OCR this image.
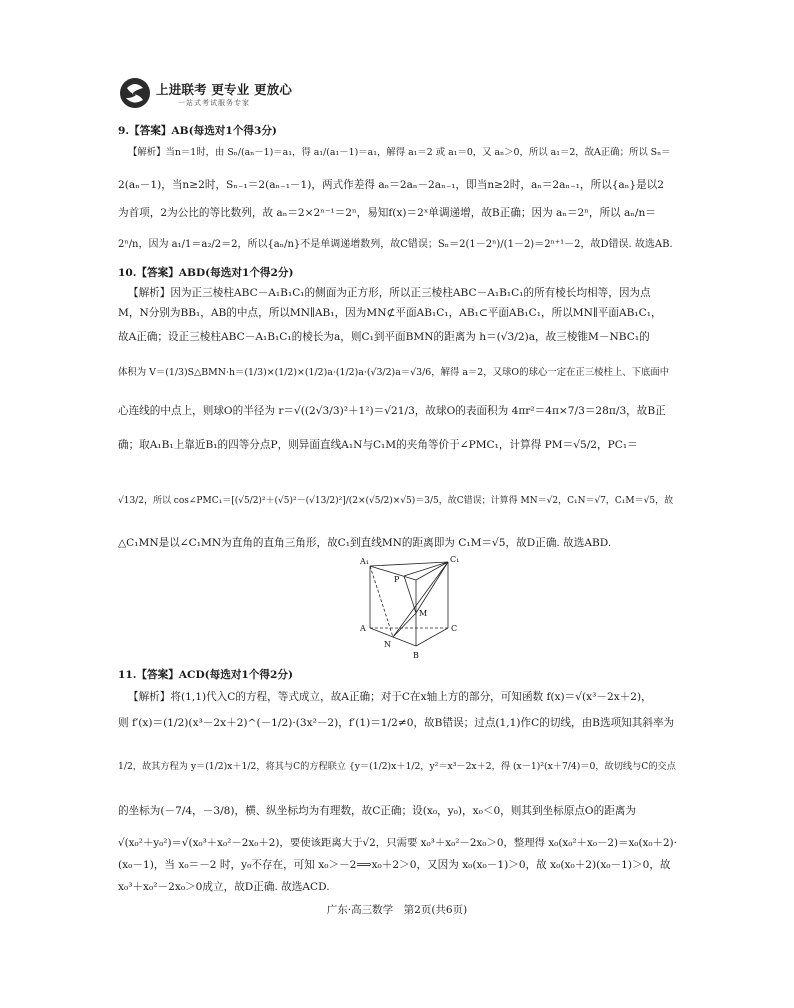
上进联考 更专业 更放心
一站式考试服务专家
9.【答案】AB(每选对1个得3分)
【解析】当n＝1时，由 Sₙ/(aₙ－1)＝a₁，得 a₁/(a₁－1)＝a₁，解得 a₁＝2 或 a₁＝0，又 aₙ＞0，所以 a₁＝2，故A正确；所以 Sₙ＝
2(aₙ－1)，当n≥2时，Sₙ₋₁＝2(aₙ₋₁－1)，两式作差得 aₙ＝2aₙ－2aₙ₋₁，即当n≥2时，aₙ＝2aₙ₋₁，所以{aₙ}是以2
为首项，2为公比的等比数列，故 aₙ＝2×2ⁿ⁻¹＝2ⁿ，易知f(x)＝2ˣ单调递增，故B正确；因为 aₙ＝2ⁿ，所以 aₙ/n＝
2ⁿ/n，因为 a₁/1＝a₂/2＝2，所以{aₙ/n}不是单调递增数列，故C错误；Sₙ＝2(1－2ⁿ)/(1－2)＝2ⁿ⁺¹－2，故D错误. 故选AB.
10.【答案】ABD(每选对1个得2分)
【解析】因为正三棱柱ABC－A₁B₁C₁的侧面为正方形，所以正三棱柱ABC－A₁B₁C₁的所有棱长均相等，因为点
M，N分别为BB₁，AB的中点，所以MN∥AB₁，因为MN⊄平面AB₁C₁，AB₁⊂平面AB₁C₁，所以MN∥平面AB₁C₁，
故A正确；设正三棱柱ABC－A₁B₁C₁的棱长为a，则C₁到平面BMN的距离为 h＝(√3/2)a，故三棱锥M－NBC₁的
体积为 V＝(1/3)S△BMN·h＝(1/3)×(1/2)×(1/2)a·(1/2)a·(√3/2)a＝√3/6，解得 a＝2，又球O的球心一定在正三棱柱上、下底面中
心连线的中点上，则球O的半径为 r＝√((2√3/3)²＋1²)＝√21/3，故球O的表面积为 4πr²＝4π×7/3＝28π/3，故B正
确；取A₁B₁上靠近B₁的四等分点P，则异面直线A₁N与C₁M的夹角等价于∠PMC₁，计算得 PM＝√5/2，PC₁＝
√13/2，所以 cos∠PMC₁＝[(√5/2)²＋(√5)²－(√13/2)²]/(2×(√5/2)×√5)＝3/5，故C错误；计算得 MN＝√2，C₁N＝√7，C₁M＝√5，故
△C₁MN是以∠C₁MN为直角的直角三角形，故C₁到直线MN的距离即为 C₁M＝√5，故D正确. 故选ABD.
11.【答案】ACD(每选对1个得2分)
【解析】将(1,1)代入C的方程，等式成立，故A正确；对于C在x轴上方的部分，可知函数 f(x)＝√(x³－2x＋2)，
则 f′(x)＝(1/2)(x³－2x＋2)^(－1/2)·(3x²－2)，f′(1)＝1/2≠0，故B错误；过点(1,1)作C的切线，由B选项知其斜率为
1/2，故其方程为 y＝(1/2)x＋1/2，将其与C的方程联立 {y＝(1/2)x＋1/2，y²＝x³－2x＋2，得 (x－1)²(x＋7/4)＝0，故切线与C的交点
的坐标为(－7/4，－3/8)，横、纵坐标均为有理数，故C正确；设(x₀，y₀)，x₀＜0，则其到坐标原点O的距离为
√(x₀²＋y₀²)＝√(x₀³＋x₀²－2x₀＋2)，要使该距离大于√2，只需要 x₀³＋x₀²－2x₀＞0，整理得 x₀(x₀²＋x₀－2)＝x₀(x₀＋2)·
(x₀－1)，当 x₀＝－2 时，y₀不存在，可知 x₀＞－2⟹x₀＋2＞0，又因为 x₀(x₀－1)＞0，故 x₀(x₀＋2)(x₀－1)＞0，故
x₀³＋x₀²－2x₀＞0成立，故D正确. 故选ACD.
A₁	C₁
P
M
A	C
N
B
广东·高三数学　第2页(共6页)
